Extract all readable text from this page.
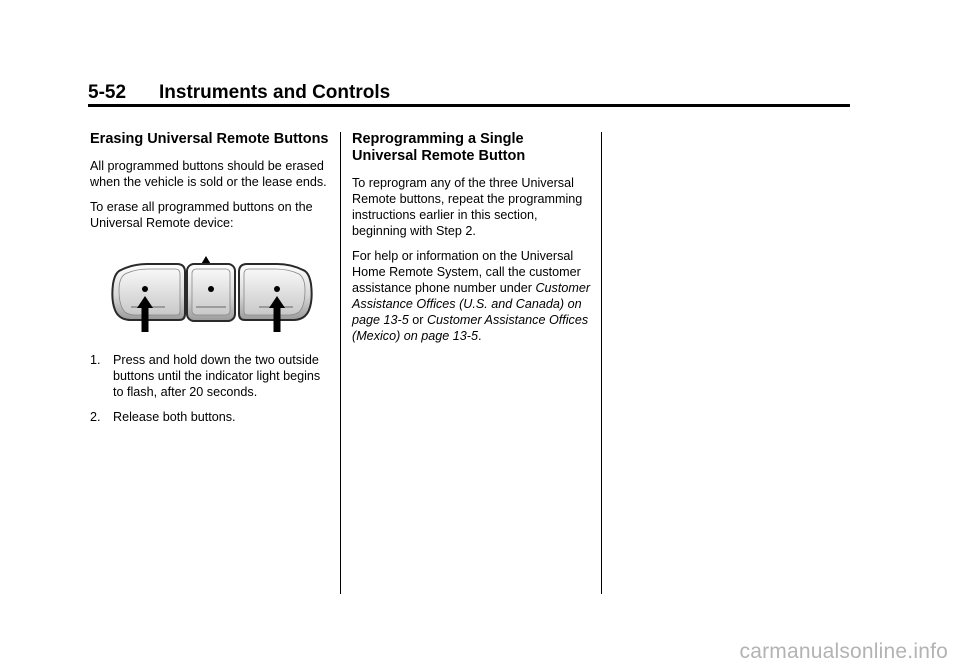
5-52 Instruments and Controls
Erasing Universal Remote Buttons

All programmed buttons should be erased when the vehicle is sold or the lease ends.

To erase all programmed buttons on the Universal Remote device:

1. Press and hold down the two outside buttons until the indicator light begins to flash, after 20 seconds.
2. Release both buttons.
Reprogramming a Single Universal Remote Button

To reprogram any of the three Universal Remote buttons, repeat the programming instructions earlier in this section, beginning with Step 2.

For help or information on the Universal Home Remote System, call the customer assistance phone number under Customer Assistance Offices (U.S. and Canada) on page 13-5 or Customer Assistance Offices (Mexico) on page 13-5.

carmanualsonline.info
